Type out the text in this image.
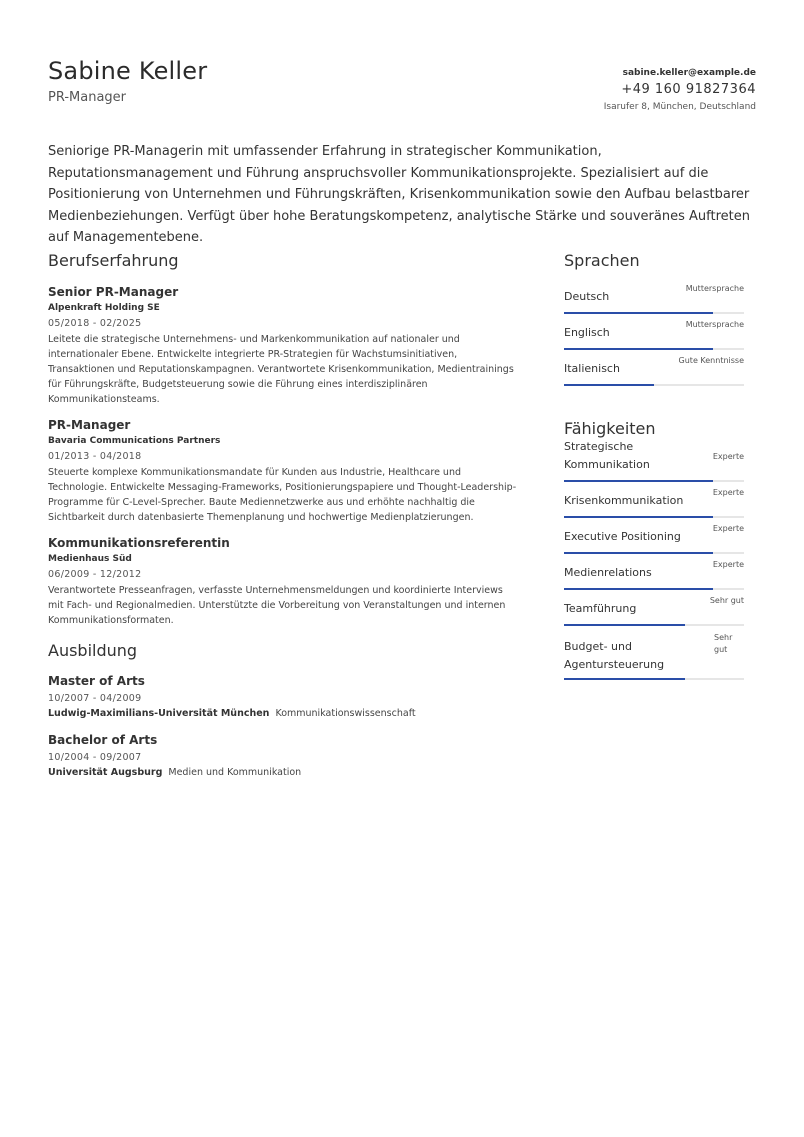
Sabine Keller
PR-Manager
sabine.keller@example.de
+49 160 91827364
Isarufer 8, München, Deutschland

Seniorige PR-Managerin mit umfassender Erfahrung in strategischer Kommunikation, Reputationsmanagement und Führung anspruchsvoller Kommunikationsprojekte. Spezialisiert auf die Positionierung von Unternehmen und Führungskräften, Krisenkommunikation sowie den Aufbau belastbarer Medienbeziehungen. Verfügt über hohe Beratungskompetenz, analytische Stärke und souveränes Auftreten auf Managementebene.

Berufserfahrung
Senior PR-Manager
Alpenkraft Holding SE
05/2018 - 02/2025
Leitete die strategische Unternehmens- und Markenkommunikation auf nationaler und internationaler Ebene. Entwickelte integrierte PR-Strategien für Wachstumsinitiativen, Transaktionen und Reputationskampagnen. Verantwortete Krisenkommunikation, Medientrainings für Führungskräfte, Budgetsteuerung sowie die Führung eines interdisziplinären Kommunikationsteams.
PR-Manager
Bavaria Communications Partners
01/2013 - 04/2018
Steuerte komplexe Kommunikationsmandate für Kunden aus Industrie, Healthcare und Technologie. Entwickelte Messaging-Frameworks, Positionierungspapiere und Thought-Leadership-Programme für C-Level-Sprecher. Baute Mediennetzwerke aus und erhöhte nachhaltig die Sichtbarkeit durch datenbasierte Themenplanung und hochwertige Medienplatzierungen.
Kommunikationsreferentin
Medienhaus Süd
06/2009 - 12/2012
Verantwortete Presseanfragen, verfasste Unternehmensmeldungen und koordinierte Interviews mit Fach- und Regionalmedien. Unterstützte die Vorbereitung von Veranstaltungen und internen Kommunikationsformaten.
Ausbildung
Master of Arts
10/2007 - 04/2009
Ludwig-Maximilians-Universität München Kommunikationswissenschaft
Bachelor of Arts
10/2004 - 09/2007
Universität Augsburg Medien und Kommunikation
Sprachen
Deutsch
Muttersprache
Englisch
Muttersprache
Italienisch
Gute Kenntnisse
Fähigkeiten
Strategische Kommunikation
Experte
Krisenkommunikation
Experte
Executive Positioning
Experte
Medienrelations
Experte
Teamführung
Sehr gut
Budget- und Agentursteuerung
Sehr gut
